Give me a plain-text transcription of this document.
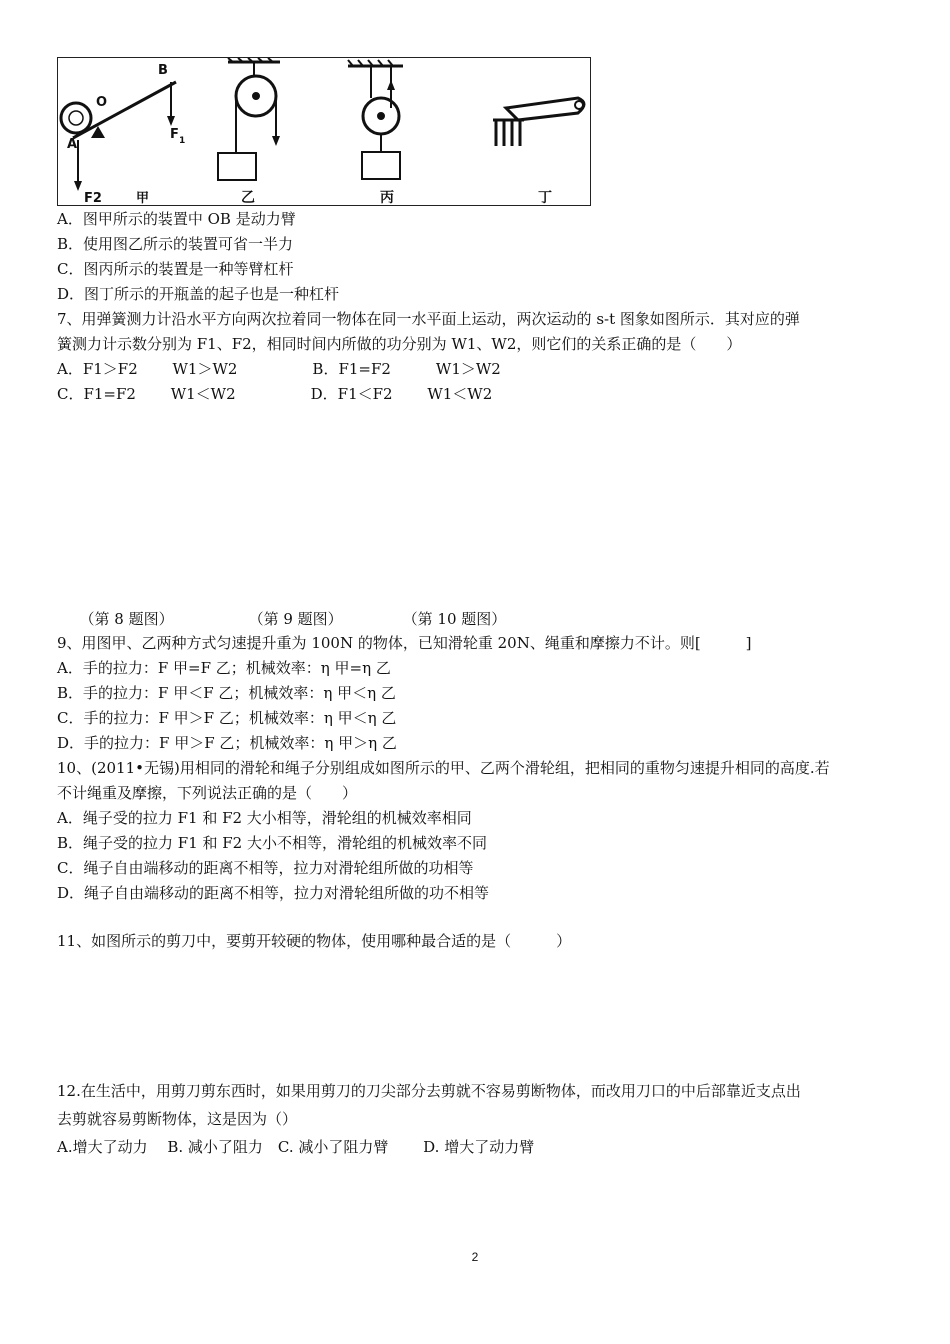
B
O
A
F 1
F2	甲	乙	丙	丁
A．图甲所示的装置中 OB 是动力臂
B．使用图乙所示的装置可省一半力
C．图丙所示的装置是一种等臂杠杆
D．图丁所示的开瓶盖的起子也是一种杠杆
7、用弹簧测力计沿水平方向两次拉着同一物体在同一水平面上运动，两次运动的 s-t 图象如图所示．其对应的弹
簧测力计示数分别为 F1、F2，相同时间内所做的功分别为 W1、W2，则它们的关系正确的是（　　）
A．F1＞F2　　 W1＞W2　　　　　B．F1=F2　　　W1＞W2
C．F1=F2　　 W1＜W2　　　　　D．F1＜F2　　 W1＜W2
　　（第 8 题图）　　　　　　（第 9 题图）　　　　　（第 10 题图）
9、用图甲、乙两种方式匀速提升重为 100N 的物体，已知滑轮重 20N、绳重和摩擦力不计。则[　　　]
A．手的拉力：F 甲=F 乙；机械效率：η 甲=η 乙
B．手的拉力：F 甲＜F 乙；机械效率：η 甲＜η 乙
C．手的拉力：F 甲＞F 乙；机械效率：η 甲＜η 乙
D．手的拉力：F 甲＞F 乙；机械效率：η 甲＞η 乙
10、(2011•无锡)用相同的滑轮和绳子分别组成如图所示的甲、乙两个滑轮组，把相同的重物匀速提升相同的高度.若
不计绳重及摩擦，下列说法正确的是（　　）
A．绳子受的拉力 F1 和 F2 大小相等，滑轮组的机械效率相同
B．绳子受的拉力 F1 和 F2 大小不相等，滑轮组的机械效率不同
C．绳子自由端移动的距离不相等，拉力对滑轮组所做的功相等
D．绳子自由端移动的距离不相等，拉力对滑轮组所做的功不相等
11、如图所示的剪刀中，要剪开较硬的物体，使用哪种最合适的是（　　　）
12.在生活中，用剪刀剪东西时，如果用剪刀的刀尖部分去剪就不容易剪断物体，而改用刀口的中后部靠近支点出
去剪就容易剪断物体，这是因为（）
A.增大了动力　 B. 减小了阻力　C. 减小了阻力臂　　 D. 增大了动力臂
2
